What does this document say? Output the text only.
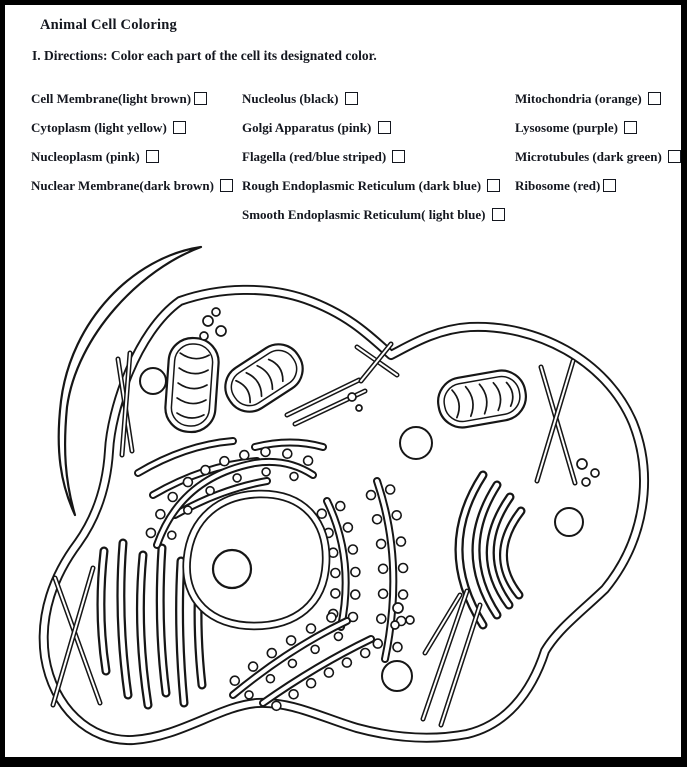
Animal Cell Coloring
I. Directions: Color each part of the cell its designated color.
Cell Membrane(light brown)
Cytoplasm (light yellow)
Nucleoplasm (pink)
Nuclear Membrane(dark brown)
Nucleolus (black)
Golgi Apparatus (pink)
Flagella (red/blue striped)
Rough Endoplasmic Reticulum (dark blue)
Smooth Endoplasmic Reticulum( light blue)
Mitochondria (orange)
Lysosome (purple)
Microtubules (dark green)
Ribosome (red)
